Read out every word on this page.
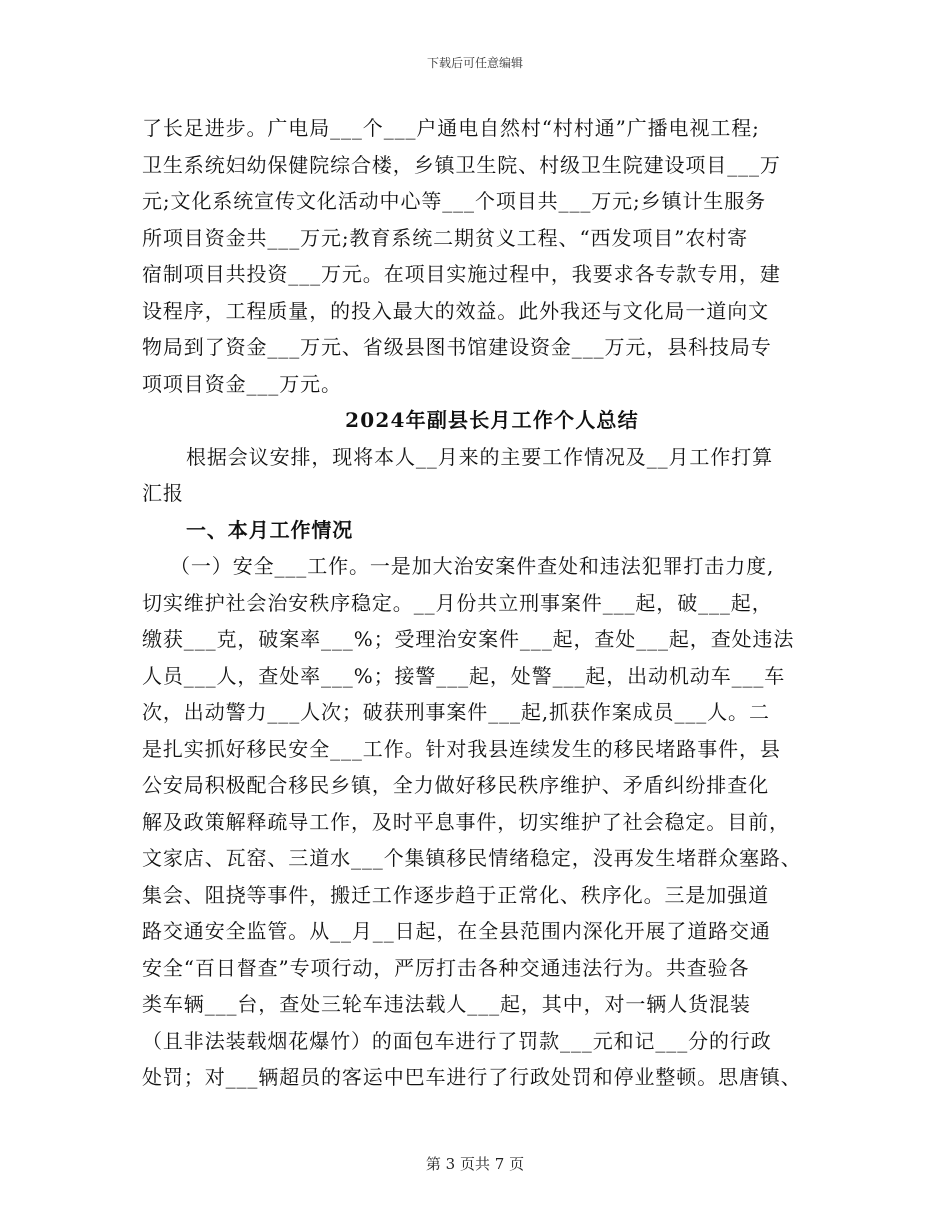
下载后可任意编辑
了长足进步。广电局___个___户通电自然村“村村通”广播电视工程;
卫生系统妇幼保健院综合楼，乡镇卫生院、村级卫生院建设项目___万
元;文化系统宣传文化活动中心等___个项目共___万元;乡镇计生服务
所项目资金共___万元;教育系统二期贫义工程、“西发项目”农村寄
宿制项目共投资___万元。在项目实施过程中，我要求各专款专用，建
设程序，工程质量，的投入最大的效益。此外我还与文化局一道向文
物局到了资金___万元、省级县图书馆建设资金___万元，县科技局专
项项目资金___万元。
2024年副县长月工作个人总结
根据会议安排，现将本人__月来的主要工作情况及__月工作打算
汇报
一、本月工作情况
（一）安全___工作。一是加大治安案件查处和违法犯罪打击力度,
切实维护社会治安秩序稳定。__月份共立刑事案件___起，破___起，
缴获___克，破案率___%；受理治安案件___起，查处___起，查处违法
人员___人，查处率___%；接警___起，处警___起，出动机动车___车
次，出动警力___人次；破获刑事案件___起,抓获作案成员___人。二
是扎实抓好移民安全___工作。针对我县连续发生的移民堵路事件，县
公安局积极配合移民乡镇，全力做好移民秩序维护、矛盾纠纷排查化
解及政策解释疏导工作，及时平息事件，切实维护了社会稳定。目前，
文家店、瓦窑、三道水___个集镇移民情绪稳定，没再发生堵群众塞路、
集会、阻挠等事件，搬迁工作逐步趋于正常化、秩序化。三是加强道
路交通安全监管。从__月__日起，在全县范围内深化开展了道路交通
安全“百日督查”专项行动，严厉打击各种交通违法行为。共查验各
类车辆___台，查处三轮车违法载人___起，其中，对一辆人货混装
（且非法装载烟花爆竹）的面包车进行了罚款___元和记___分的行政
处罚；对___辆超员的客运中巴车进行了行政处罚和停业整顿。思唐镇、
第 3 页共 7 页
